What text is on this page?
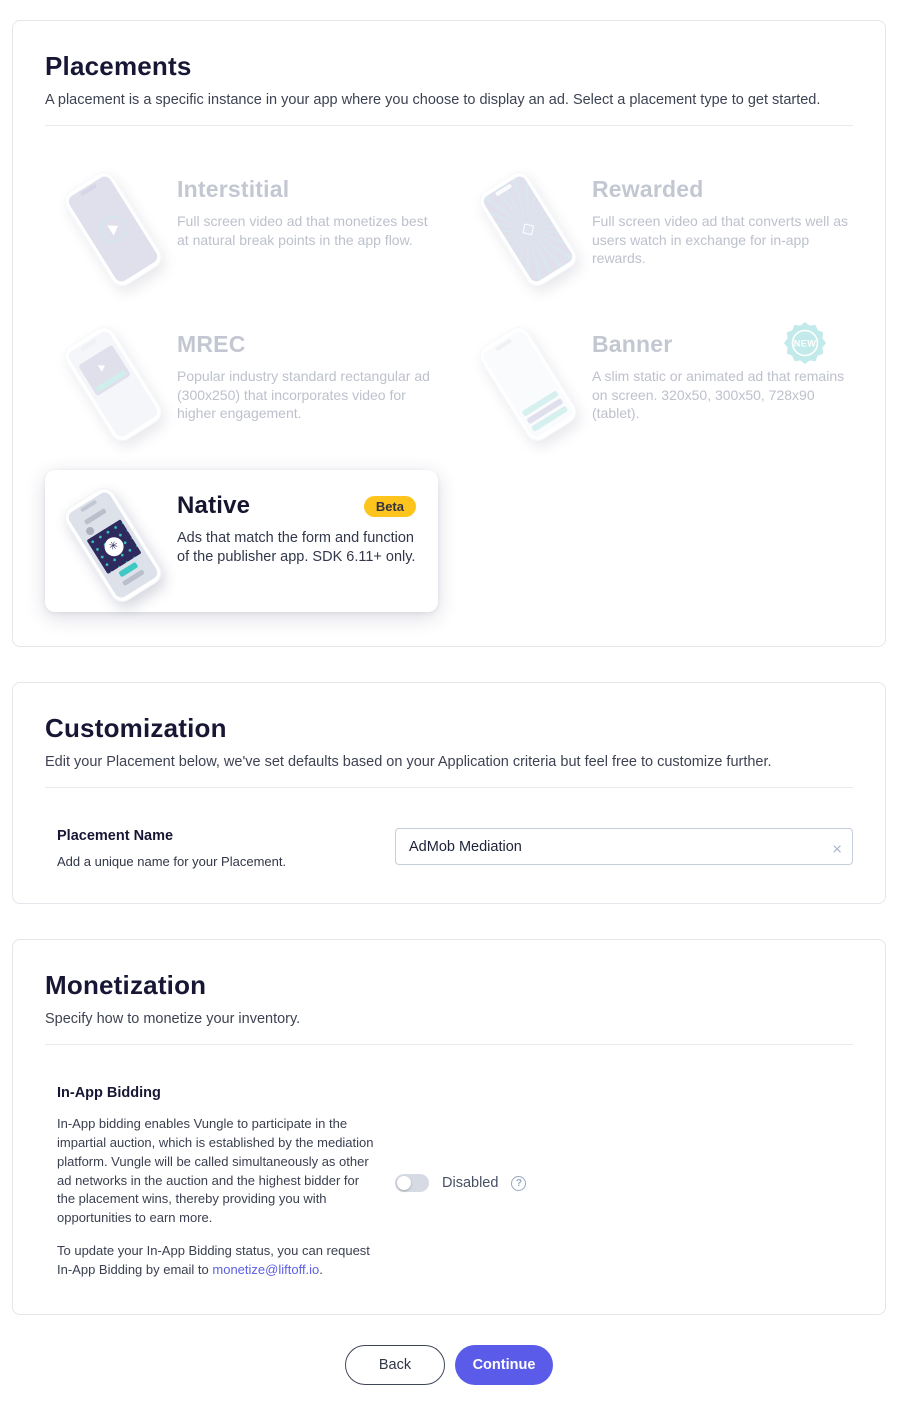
Placements

A placement is a specific instance in your app where you choose to display an ad. Select a placement type to get started.

Interstitial
Full screen video ad that monetizes best at natural break points in the app flow.	◇
Rewarded
Full screen video ad that converts well as users watch in exchange for in-app rewards.
MREC
Popular industry standard rectangular ad (300x250) that incorporates video for higher engagement.
Banner
A slim static or animated ad that remains on screen. 320x50, 300x50, 728x90 (tablet).
NEW
✳
Native	Beta
Ads that match the form and function of the publisher app. SDK 6.11+ only.
Customization

Edit your Placement below, we've set defaults based on your Application criteria but feel free to customize further.

Placement Name
Add a unique name for your Placement.
AdMob Mediation
×
Monetization

Specify how to monetize your inventory.

In-App Bidding

In-App bidding enables Vungle to participate in the impartial auction, which is established by the mediation platform. Vungle will be called simultaneously as other ad networks in the auction and the highest bidder for the placement wins, thereby providing you with opportunities to earn more.

To update your In-App Bidding status, you can request In-App Bidding by email to monetize@liftoff.io.

Disabled	?
Back	Continue
